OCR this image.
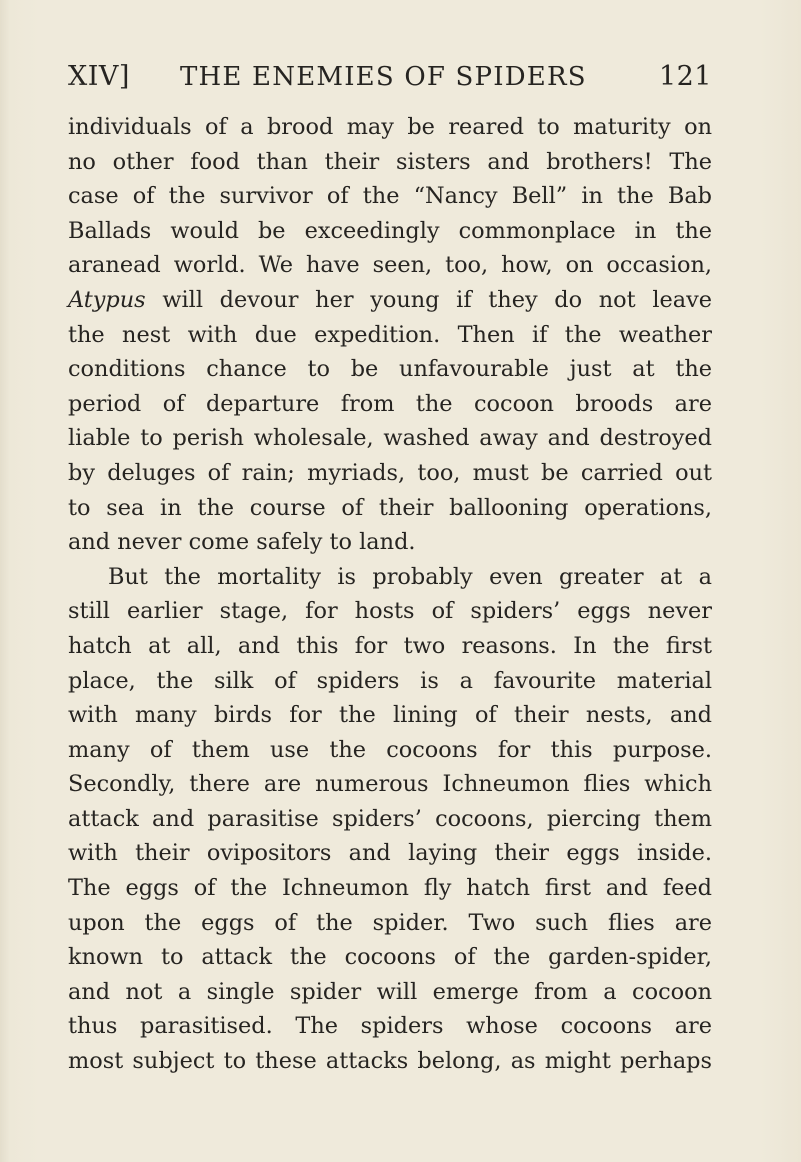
XIV] THE ENEMIES OF SPIDERS	121
individuals of a brood may be reared to maturity on
no other food than their sisters and brothers! The
case of the survivor of the “Nancy Bell” in the Bab
Ballads would be exceedingly commonplace in the
aranead world. We have seen, too, how, on occasion,
Atypus will devour her young if they do not leave
the nest with due expedition. Then if the weather
conditions chance to be unfavourable just at the
period of departure from the cocoon broods are
liable to perish wholesale, washed away and destroyed
by deluges of rain; myriads, too, must be carried out
to sea in the course of their ballooning operations,
and never come safely to land.
But the mortality is probably even greater at a
still earlier stage, for hosts of spiders’ eggs never
hatch at all, and this for two reasons. In the first
place, the silk of spiders is a favourite material
with many birds for the lining of their nests, and
many of them use the cocoons for this purpose.
Secondly, there are numerous Ichneumon flies which
attack and parasitise spiders’ cocoons, piercing them
with their ovipositors and laying their eggs inside.
The eggs of the Ichneumon fly hatch first and feed
upon the eggs of the spider. Two such flies are
known to attack the cocoons of the garden-spider,
and not a single spider will emerge from a cocoon
thus parasitised. The spiders whose cocoons are
most subject to these attacks belong, as might perhaps
